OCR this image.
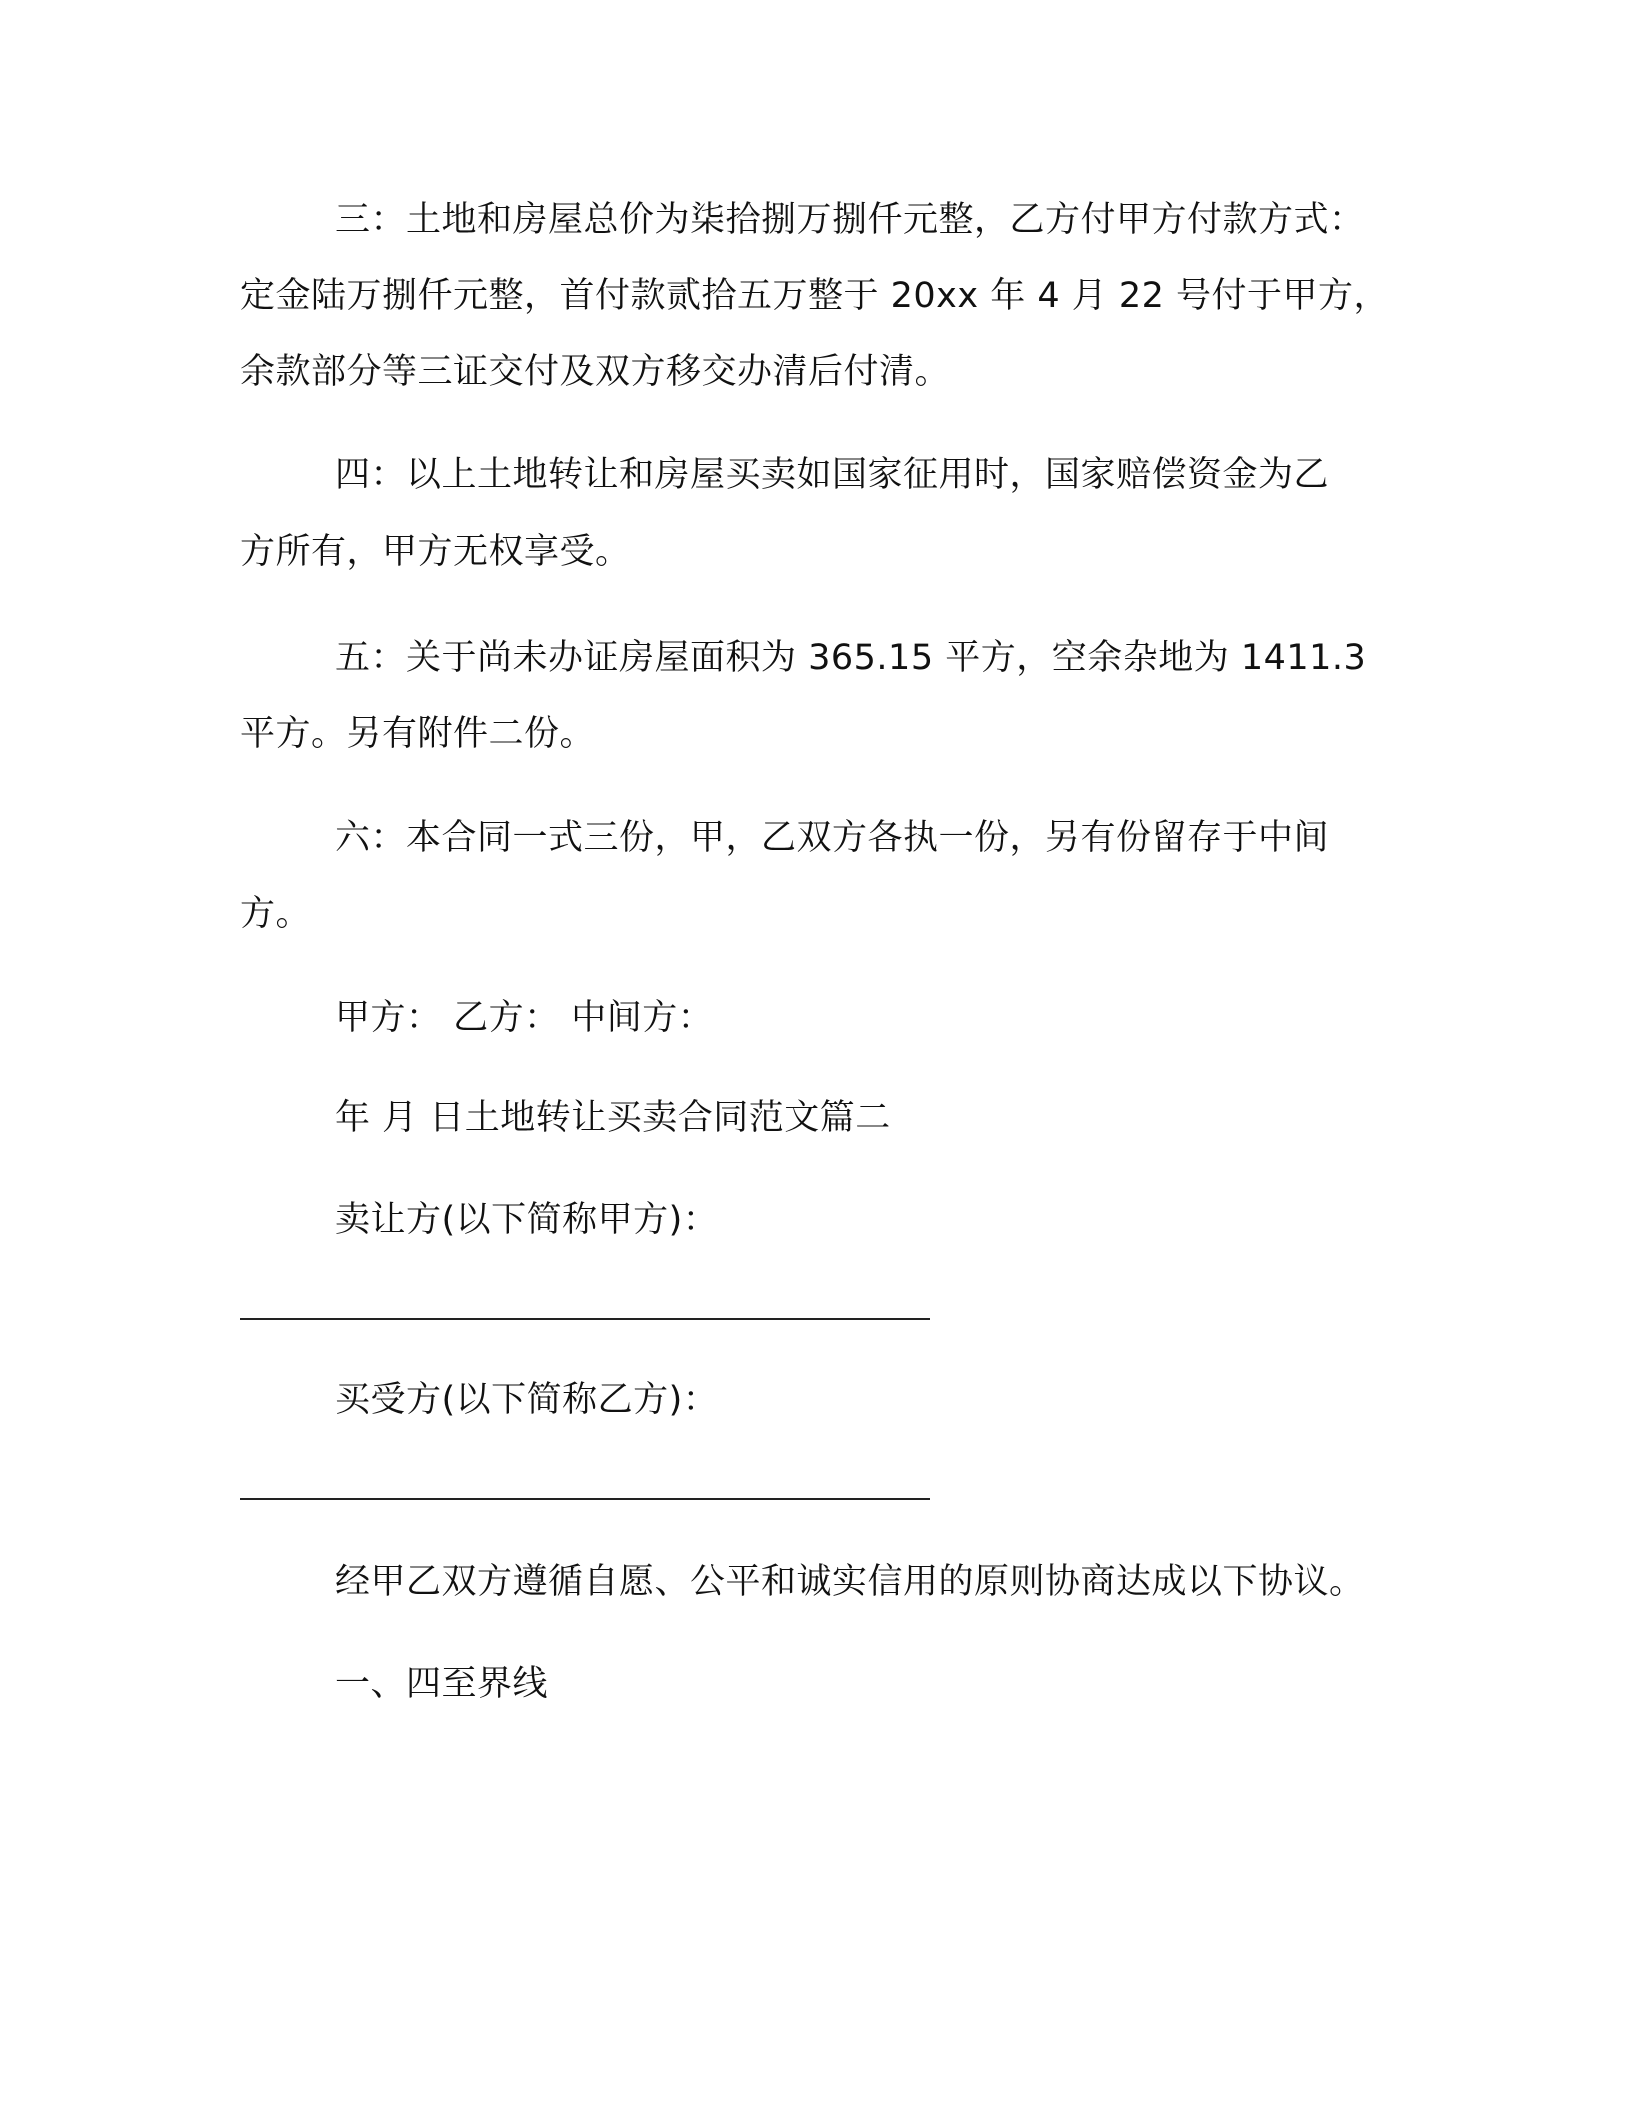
三：土地和房屋总价为柒拾捌万捌仟元整，乙方付甲方付款方式：
定金陆万捌仟元整，首付款贰拾五万整于 20xx 年 4 月 22 号付于甲方，
余款部分等三证交付及双方移交办清后付清。
四：以上土地转让和房屋买卖如国家征用时，国家赔偿资金为乙
方所有，甲方无权享受。
五：关于尚未办证房屋面积为 365.15 平方，空余杂地为 1411.3
平方。另有附件二份。
六：本合同一式三份，甲，乙双方各执一份，另有份留存于中间
方。
甲方： 乙方： 中间方：
年 月 日土地转让买卖合同范文篇二
卖让方(以下简称甲方)：
买受方(以下简称乙方)：
经甲乙双方遵循自愿、公平和诚实信用的原则协商达成以下协议。
一、四至界线
